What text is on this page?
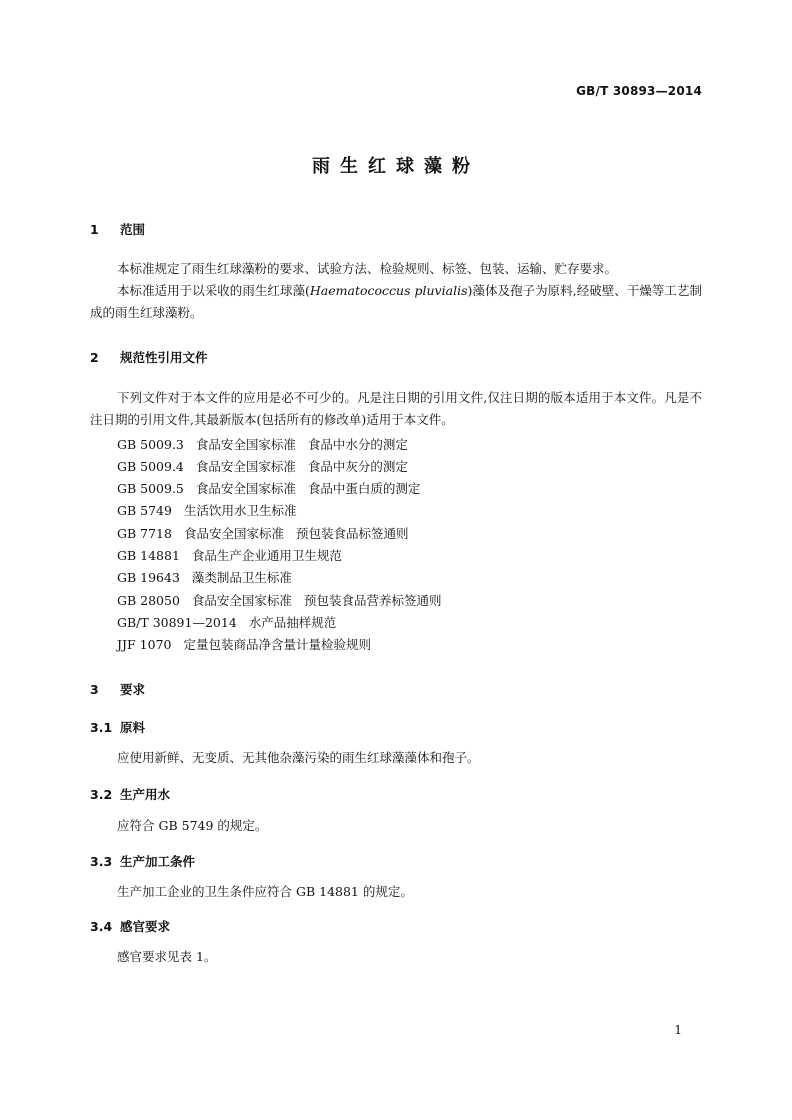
GB/T 30893—2014
雨生红球藻粉
1 范围
本标准规定了雨生红球藻粉的要求、试验方法、检验规则、标签、包装、运输、贮存要求。
本标准适用于以采收的雨生红球藻(Haematococcus pluvialis)藻体及孢子为原料,经破壁、干燥等工艺制成的雨生红球藻粉。
2 规范性引用文件
下列文件对于本文件的应用是必不可少的。凡是注日期的引用文件,仅注日期的版本适用于本文件。凡是不注日期的引用文件,其最新版本(包括所有的修改单)适用于本文件。
GB 5009.3 食品安全国家标准 食品中水分的测定
GB 5009.4 食品安全国家标准 食品中灰分的测定
GB 5009.5 食品安全国家标准 食品中蛋白质的测定
GB 5749 生活饮用水卫生标准
GB 7718 食品安全国家标准 预包装食品标签通则
GB 14881 食品生产企业通用卫生规范
GB 19643 藻类制品卫生标准
GB 28050 食品安全国家标准 预包装食品营养标签通则
GB/T 30891—2014 水产品抽样规范
JJF 1070 定量包装商品净含量计量检验规则
3 要求
3.1 原料
应使用新鲜、无变质、无其他杂藻污染的雨生红球藻藻体和孢子。
3.2 生产用水
应符合 GB 5749 的规定。
3.3 生产加工条件
生产加工企业的卫生条件应符合 GB 14881 的规定。
3.4 感官要求
感官要求见表 1。
1
